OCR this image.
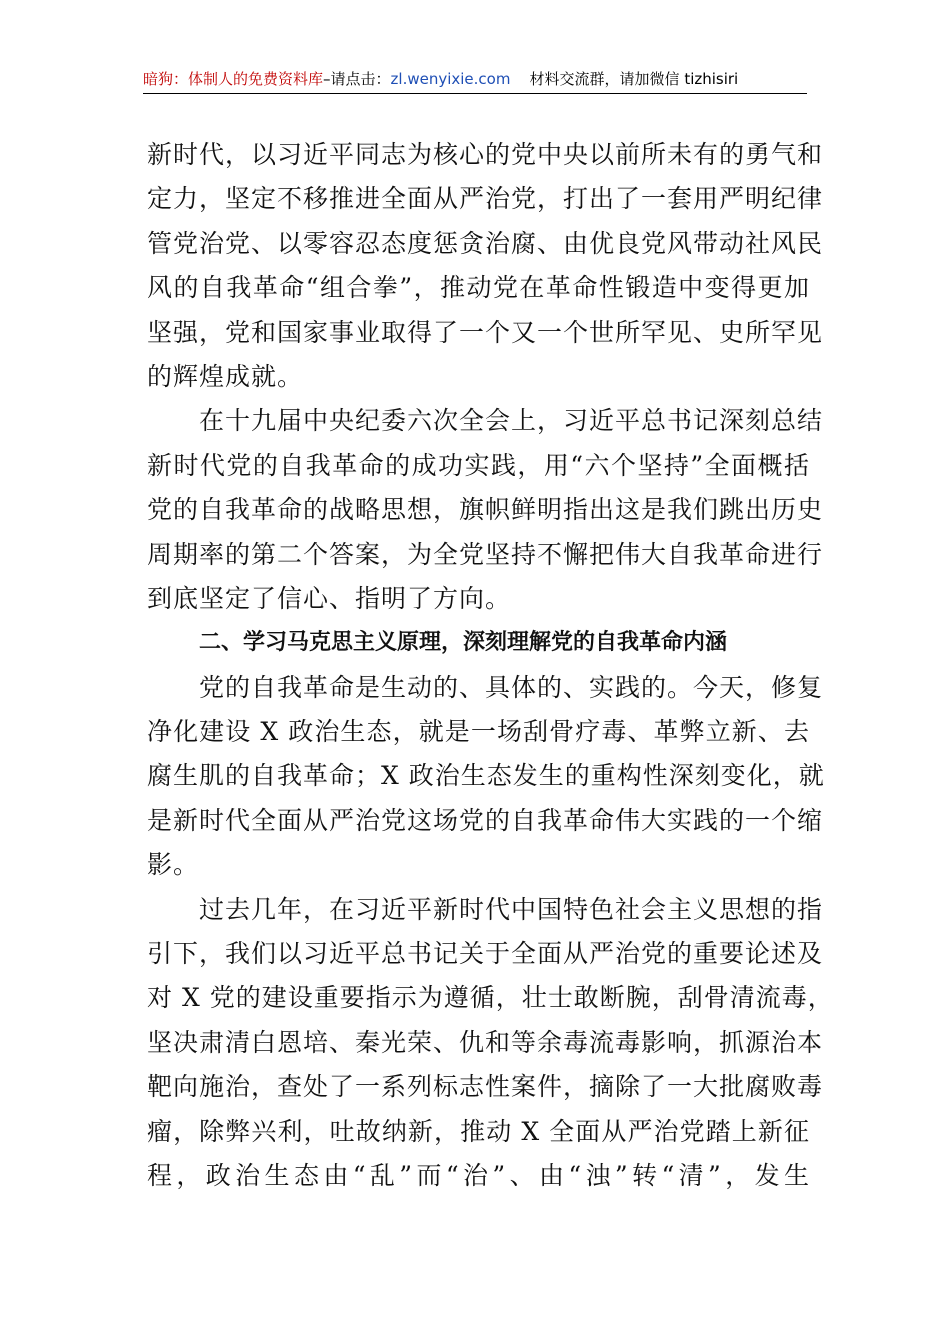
暗狗：体制人的免费资料库–请点击：zl.wenyixie.com 材料交流群，请加微信 tizhisiri
新时代，以习近平同志为核心的党中央以前所未有的勇气和
定力，坚定不移推进全面从严治党，打出了一套用严明纪律
管党治党、以零容忍态度惩贪治腐、由优良党风带动社风民
风的自我革命“组合拳”，推动党在革命性锻造中变得更加
坚强，党和国家事业取得了一个又一个世所罕见、史所罕见
的辉煌成就。
在十九届中央纪委六次全会上，习近平总书记深刻总结
新时代党的自我革命的成功实践，用“六个坚持”全面概括
党的自我革命的战略思想，旗帜鲜明指出这是我们跳出历史
周期率的第二个答案，为全党坚持不懈把伟大自我革命进行
到底坚定了信心、指明了方向。
二、学习马克思主义原理，深刻理解党的自我革命内涵
党的自我革命是生动的、具体的、实践的。今天，修复
净化建设 X 政治生态，就是一场刮骨疗毒、革弊立新、去
腐生肌的自我革命；X 政治生态发生的重构性深刻变化，就
是新时代全面从严治党这场党的自我革命伟大实践的一个缩
影。
过去几年，在习近平新时代中国特色社会主义思想的指
引下，我们以习近平总书记关于全面从严治党的重要论述及
对 X 党的建设重要指示为遵循，壮士敢断腕，刮骨清流毒，
坚决肃清白恩培、秦光荣、仇和等余毒流毒影响，抓源治本
靶向施治，查处了一系列标志性案件，摘除了一大批腐败毒
瘤，除弊兴利，吐故纳新，推动 X 全面从严治党踏上新征
程，政治生态由“乱”而“治”、由“浊”转“清”，发生
